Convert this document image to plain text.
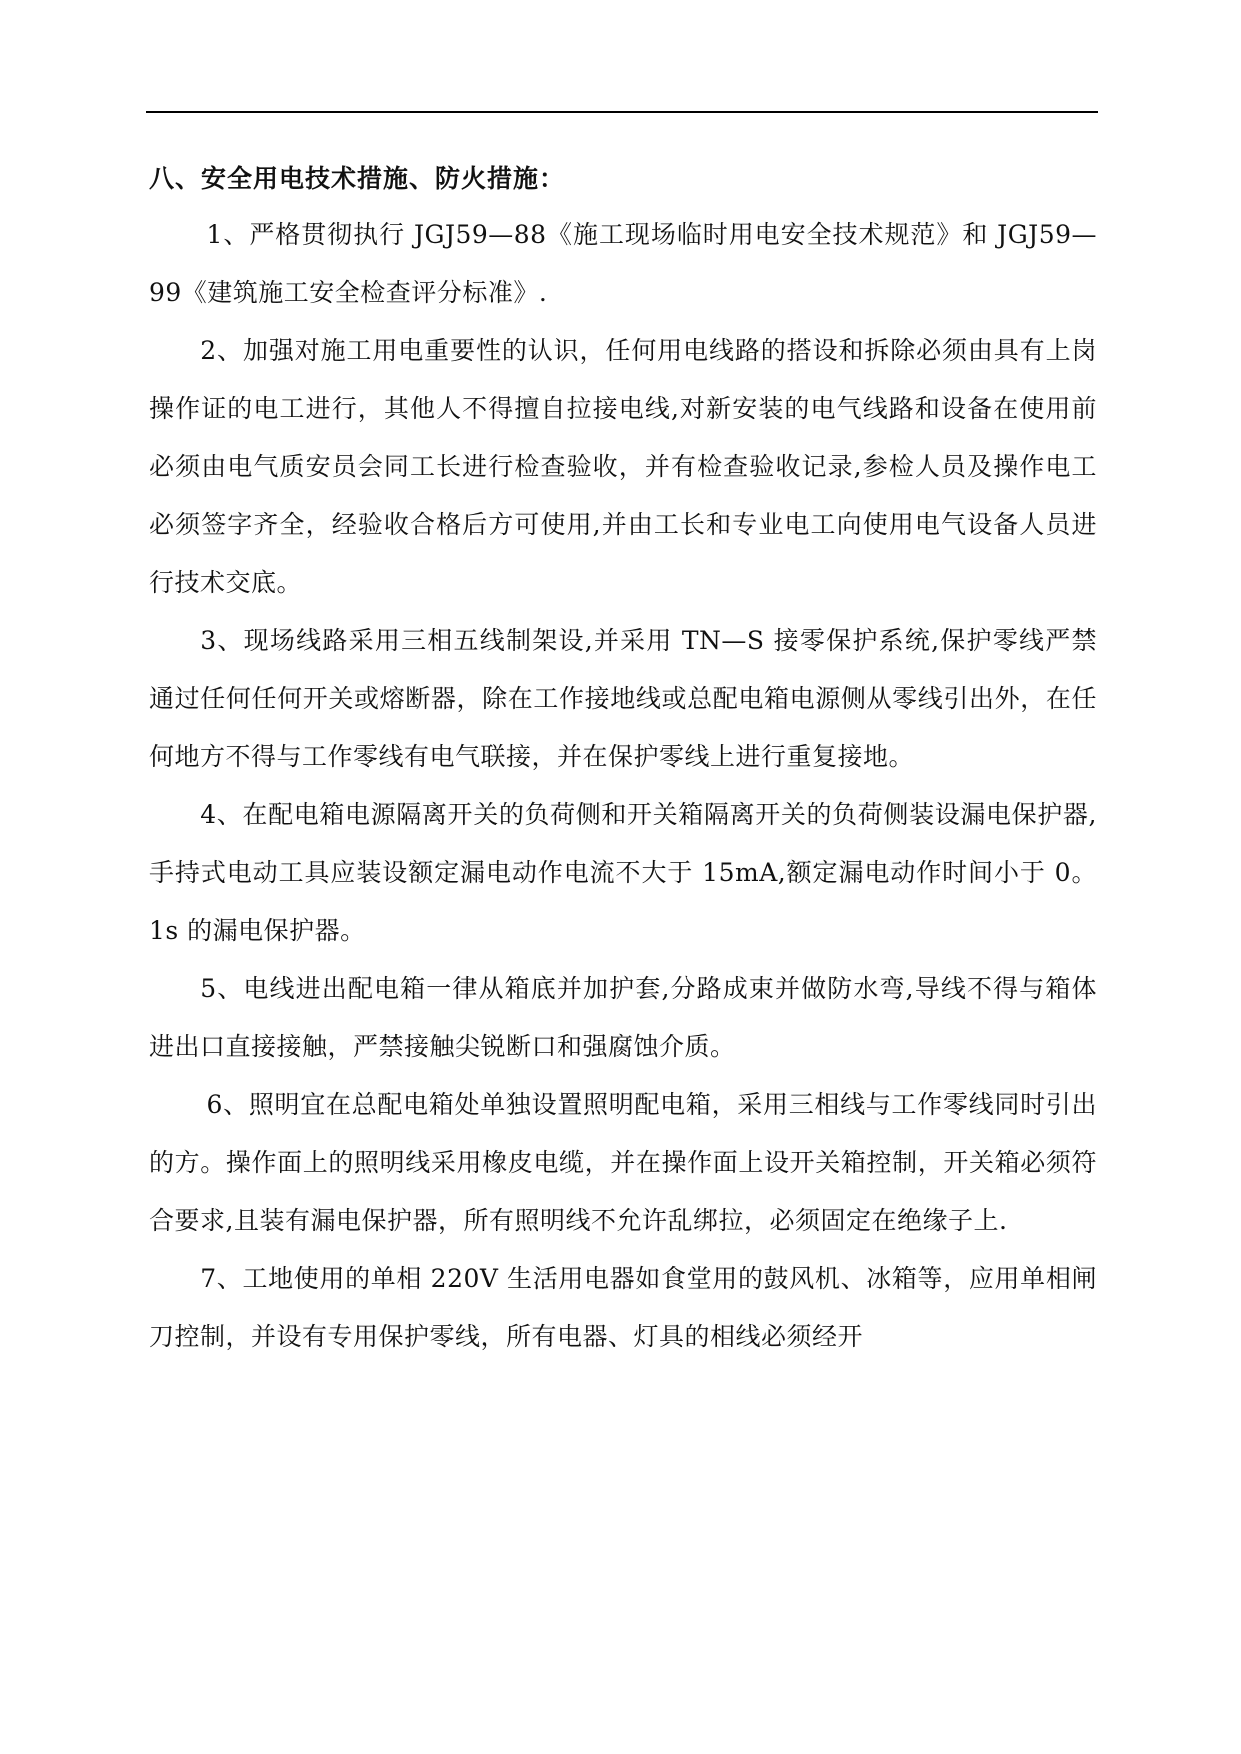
八、安全用电技术措施、防火措施：

1、严格贯彻执行 JGJ59—88《施工现场临时用电安全技术规范》和 JGJ59—99《建筑施工安全检查评分标准》.

2、加强对施工用电重要性的认识，任何用电线路的搭设和拆除必须由具有上岗操作证的电工进行，其他人不得擅自拉接电线,对新安装的电气线路和设备在使用前必须由电气质安员会同工长进行检查验收，并有检查验收记录,参检人员及操作电工必须签字齐全，经验收合格后方可使用,并由工长和专业电工向使用电气设备人员进行技术交底。

3、现场线路采用三相五线制架设,并采用 TN—S 接零保护系统,保护零线严禁通过任何任何开关或熔断器，除在工作接地线或总配电箱电源侧从零线引出外，在任何地方不得与工作零线有电气联接，并在保护零线上进行重复接地。

4、在配电箱电源隔离开关的负荷侧和开关箱隔离开关的负荷侧装设漏电保护器,手持式电动工具应装设额定漏电动作电流不大于 15mA,额定漏电动作时间小于 0。1s 的漏电保护器。

5、电线进出配电箱一律从箱底并加护套,分路成束并做防水弯,导线不得与箱体进出口直接接触，严禁接触尖锐断口和强腐蚀介质。

6、照明宜在总配电箱处单独设置照明配电箱，采用三相线与工作零线同时引出的方。操作面上的照明线采用橡皮电缆，并在操作面上设开关箱控制，开关箱必须符合要求,且装有漏电保护器，所有照明线不允许乱绑拉，必须固定在绝缘子上.

7、工地使用的单相 220V 生活用电器如食堂用的鼓风机、冰箱等，应用单相闸刀控制，并设有专用保护零线，所有电器、灯具的相线必须经开
